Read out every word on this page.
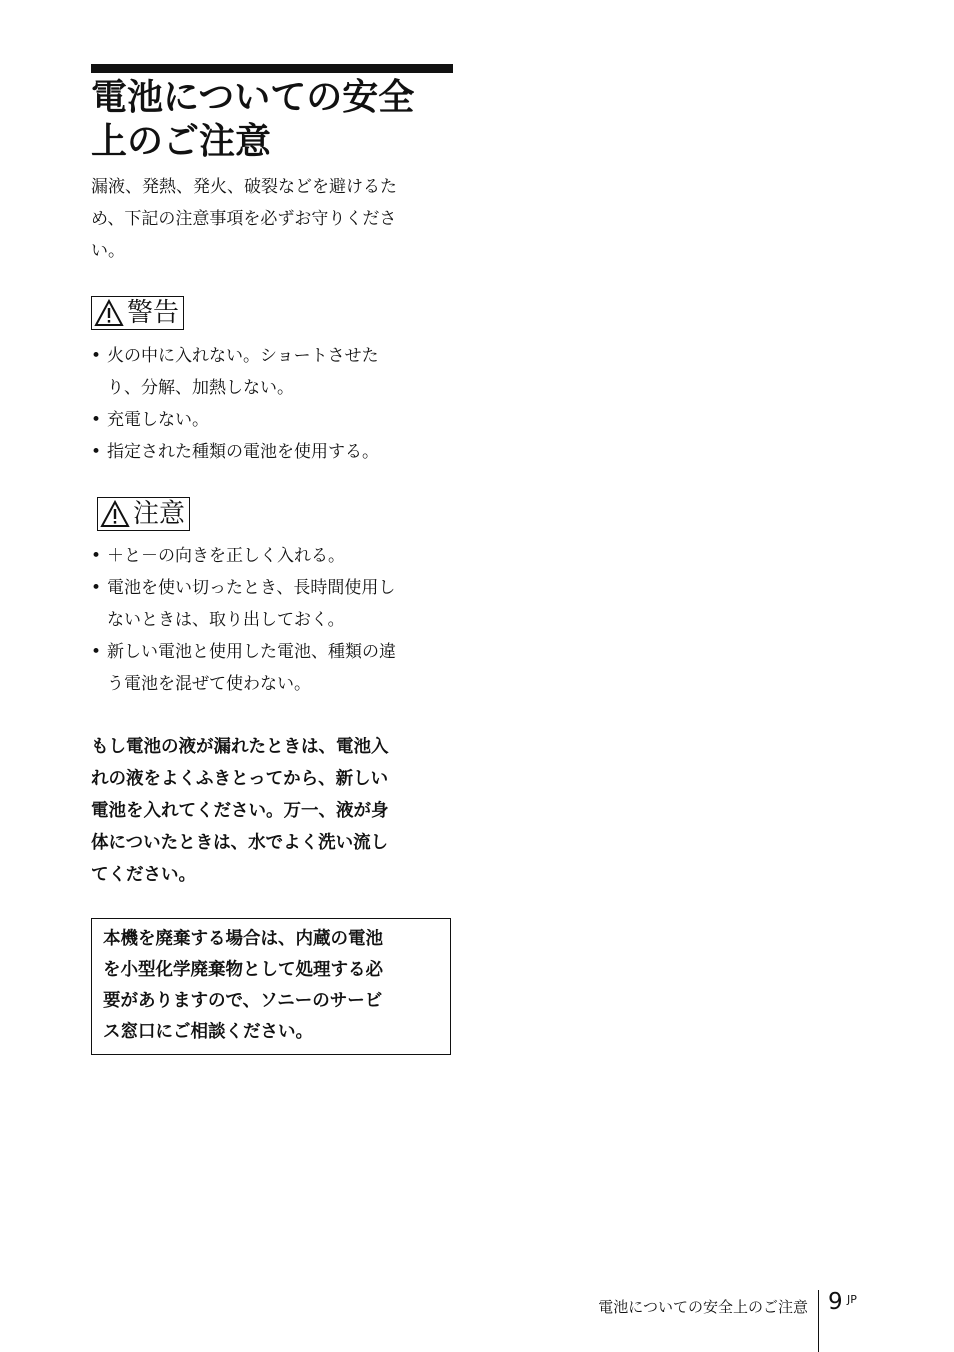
電池についての安全
上のご注意

漏液、発熱、発火、破裂などを避けるた
め、下記の注意事項を必ずお守りくださ
い。

警告
• 火の中に入れない。ショートさせた
り、分解、加熱しない。
• 充電しない。
• 指定された種類の電池を使用する。
注意
• ＋と－の向きを正しく入れる。
• 電池を使い切ったとき、長時間使用し
ないときは、取り出しておく。
• 新しい電池と使用した電池、種類の違
う電池を混ぜて使わない。

もし電池の液が漏れたときは、電池入
れの液をよくふきとってから、新しい
電池を入れてください。万一、液が身
体についたときは、水でよく洗い流し
てください。

本機を廃棄する場合は、内蔵の電池
を小型化学廃棄物として処理する必
要がありますので、ソニーのサービ
ス窓口にご相談ください。

電池についての安全上のご注意 9 JP
